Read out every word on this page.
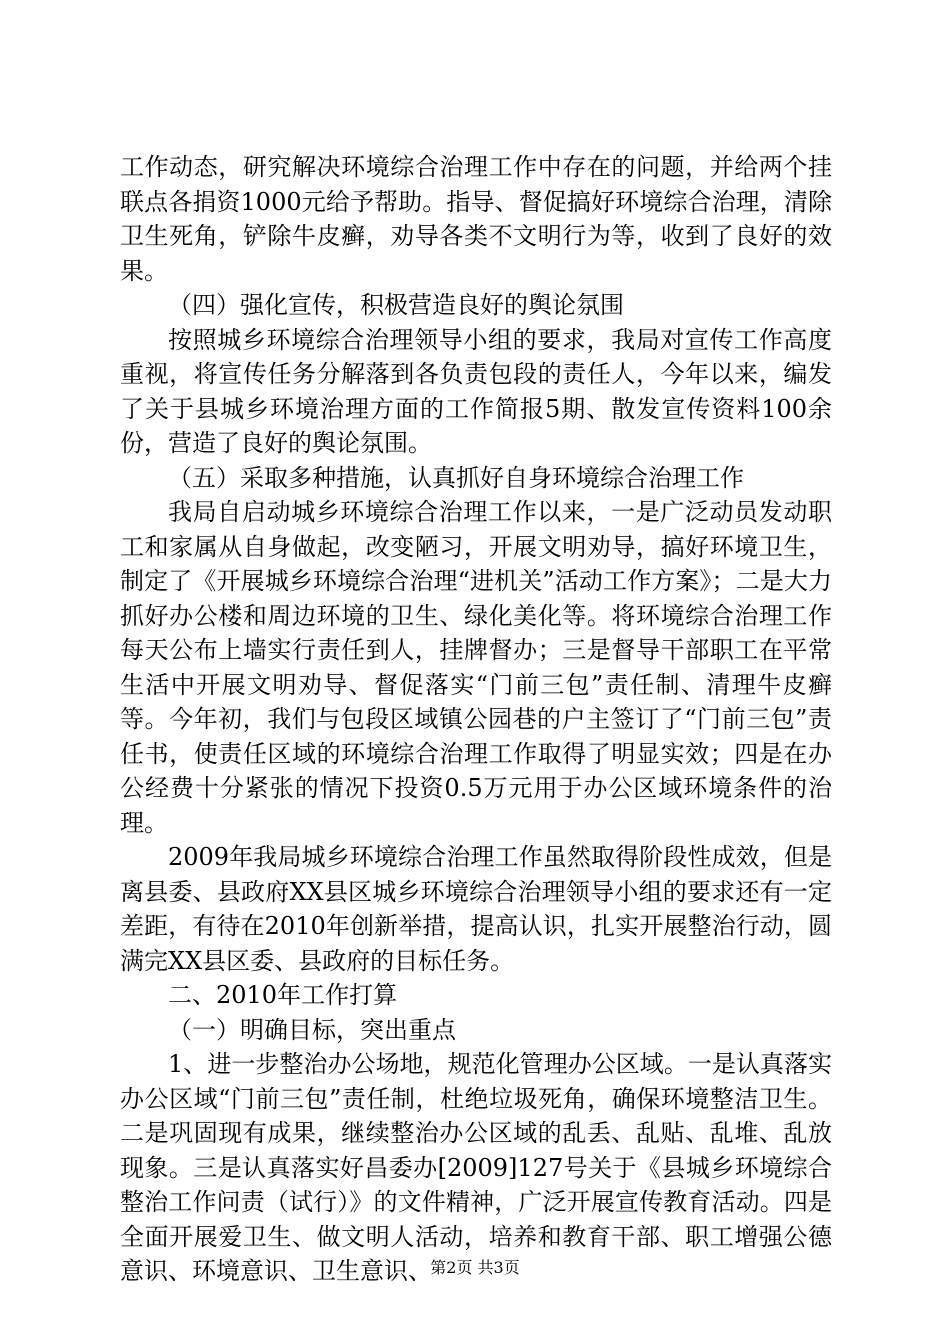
工作动态，研究解决环境综合治理工作中存在的问题，并给两个挂联点各捐资1000元给予帮助。指导、督促搞好环境综合治理，清除卫生死角，铲除牛皮癣，劝导各类不文明行为等，收到了良好的效果。

（四）强化宣传，积极营造良好的舆论氛围

按照城乡环境综合治理领导小组的要求，我局对宣传工作高度重视，将宣传任务分解落到各负责包段的责任人，今年以来，编发了关于县城乡环境治理方面的工作简报5期、散发宣传资料100余份，营造了良好的舆论氛围。

（五）采取多种措施，认真抓好自身环境综合治理工作

我局自启动城乡环境综合治理工作以来，一是广泛动员发动职工和家属从自身做起，改变陋习，开展文明劝导，搞好环境卫生，制定了《开展城乡环境综合治理“进机关”活动工作方案》；二是大力抓好办公楼和周边环境的卫生、绿化美化等。将环境综合治理工作每天公布上墙实行责任到人，挂牌督办；三是督导干部职工在平常生活中开展文明劝导、督促落实“门前三包”责任制、清理牛皮癣等。今年初，我们与包段区域镇公园巷的户主签订了“门前三包”责任书，使责任区域的环境综合治理工作取得了明显实效；四是在办公经费十分紧张的情况下投资0.5万元用于办公区域环境条件的治理。

2009年我局城乡环境综合治理工作虽然取得阶段性成效，但是离县委、县政府XX县区城乡环境综合治理领导小组的要求还有一定差距，有待在2010年创新举措，提高认识，扎实开展整治行动，圆满完XX县区委、县政府的目标任务。

二、2010年工作打算

（一）明确目标，突出重点

1、进一步整治办公场地，规范化管理办公区域。一是认真落实办公区域“门前三包”责任制，杜绝垃圾死角，确保环境整洁卫生。二是巩固现有成果，继续整治办公区域的乱丢、乱贴、乱堆、乱放现象。三是认真落实好昌委办[2009]127号关于《县城乡环境综合整治工作问责（试行）》的文件精神，广泛开展宣传教育活动。四是全面开展爱卫生、做文明人活动，培养和教育干部、职工增强公德意识、环境意识、卫生意识、

第2页 共3页
